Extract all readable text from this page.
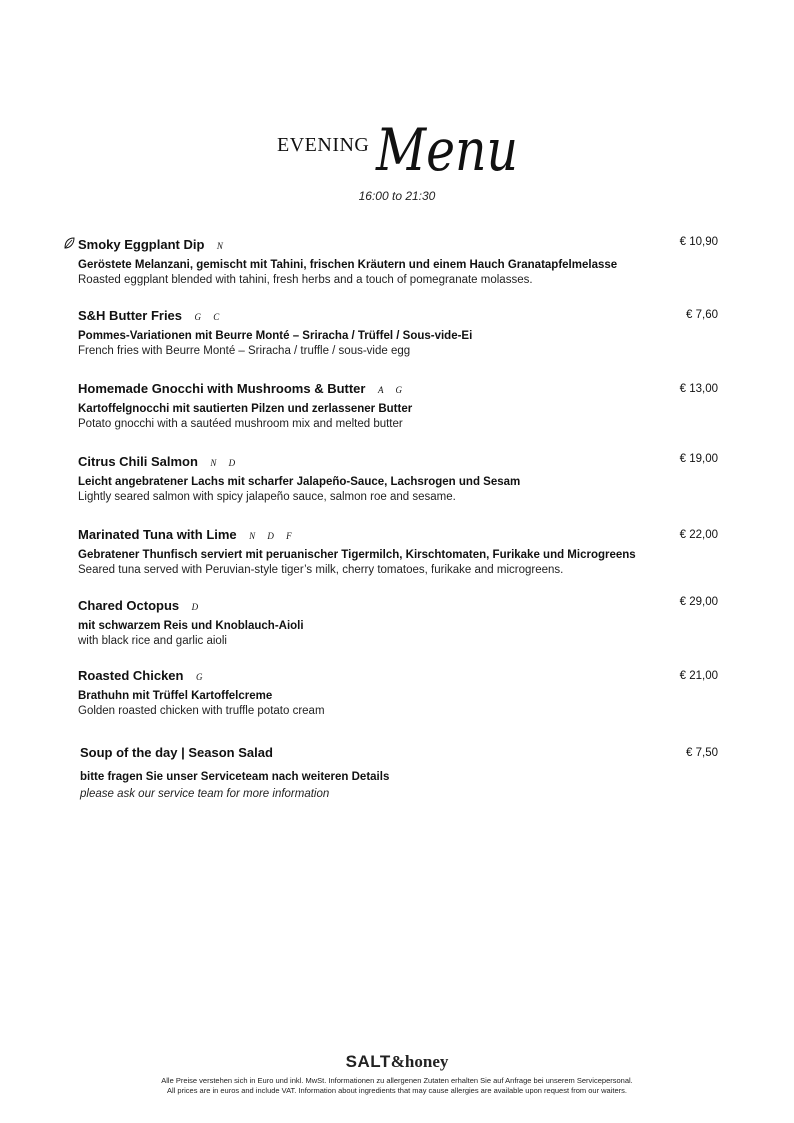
EVENING Menu
16:00 to 21:30
Smoky Eggplant Dip N
Geröstete Melanzani, gemischt mit Tahini, frischen Kräutern und einem Hauch Granatapfelmelasse
Roasted eggplant blended with tahini, fresh herbs and a touch of pomegranate molasses.
€ 10,90
S&H Butter Fries G C
Pommes-Variationen mit Beurre Monté – Sriracha / Trüffel / Sous-vide-Ei
French fries with Beurre Monté – Sriracha / truffle / sous-vide egg
€ 7,60
Homemade Gnocchi with Mushrooms & Butter A G
Kartoffelgnocchi mit sautierten Pilzen und zerlassener Butter
Potato gnocchi with a sautéed mushroom mix and melted butter
€ 13,00
Citrus Chili Salmon N D
Leicht angebratener Lachs mit scharfer Jalapeño-Sauce, Lachsrogen und Sesam
Lightly seared salmon with spicy jalapeño sauce, salmon roe and sesame.
€ 19,00
Marinated Tuna with Lime N D F
Gebratener Thunfisch serviert mit peruanischer Tigermilch, Kirschtomaten, Furikake und Microgreens
Seared tuna served with Peruvian-style tiger’s milk, cherry tomatoes, furikake and microgreens.
€ 22,00
Chared Octopus D
mit schwarzem Reis und Knoblauch-Aioli
with black rice and garlic aioli
€ 29,00
Roasted Chicken G
Brathuhn mit Trüffel Kartoffelcreme
Golden roasted chicken with truffle potato cream
€ 21,00
Soup of the day | Season Salad
bitte fragen Sie unser Serviceteam nach weiteren Details
please ask our service team for more information
€ 7,50
SALT&honey
Alle Preise verstehen sich in Euro und inkl. MwSt. Informationen zu allergenen Zutaten erhalten Sie auf Anfrage bei unserem Servicepersonal.
All prices are in euros and include VAT. Information about ingredients that may cause allergies are available upon request from our waiters.
